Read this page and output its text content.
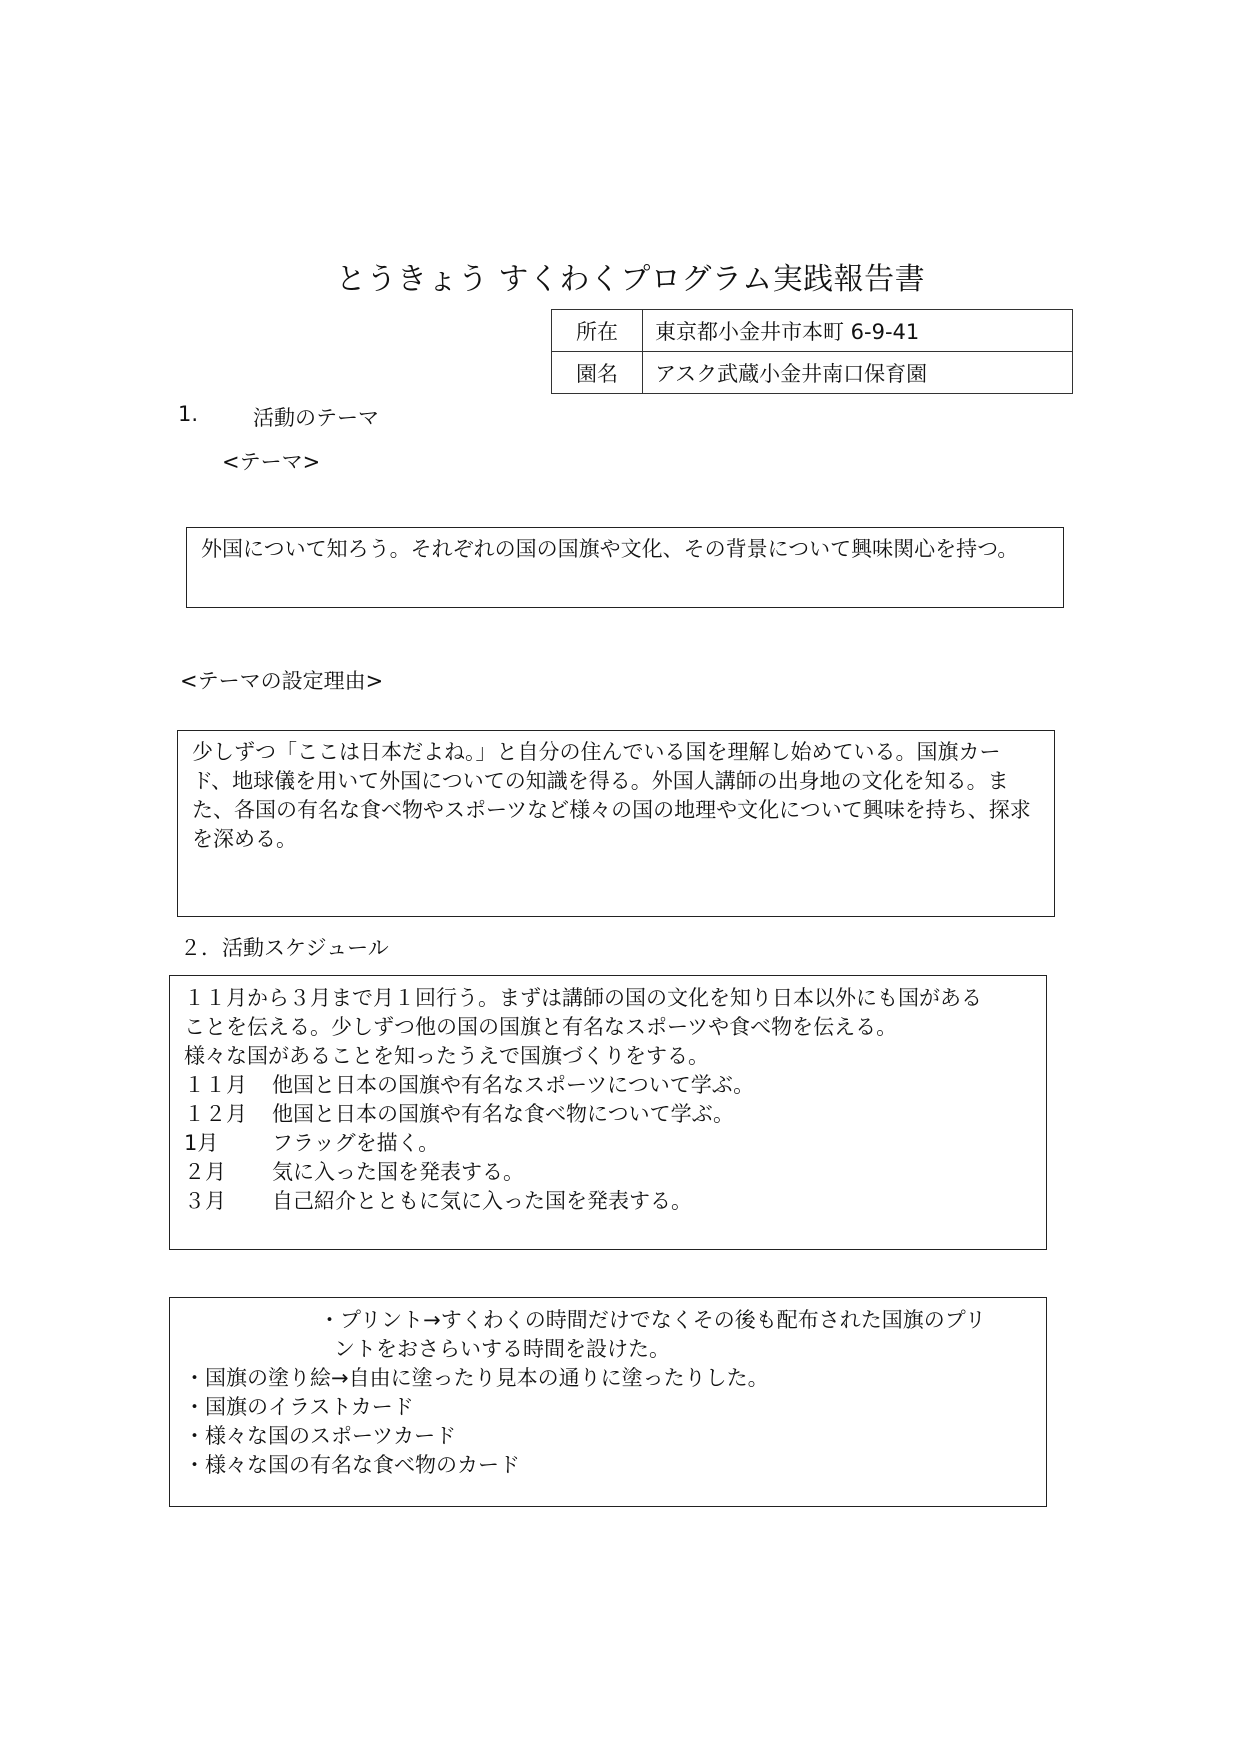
とうきょう すくわくプログラム実践報告書
所在	東京都小金井市本町 6-9-41
園名	アスク武蔵小金井南口保育園
1.	活動のテーマ
<テーマ>
外国について知ろう。それぞれの国の国旗や文化、その背景について興味関心を持つ。
<テーマの設定理由>
少しずつ「ここは日本だよね。」と自分の住んでいる国を理解し始めている。国旗カード、地球儀を用いて外国についての知識を得る。外国人講師の出身地の文化を知る。また、各国の有名な食べ物やスポーツなど様々の国の地理や文化について興味を持ち、探求を深める。
２．活動スケジュール
１１月から３月まで月１回行う。まずは講師の国の文化を知り日本以外にも国がある
ことを伝える。少しずつ他の国の国旗と有名なスポーツや食べ物を伝える。
様々な国があることを知ったうえで国旗づくりをする。
１１月	他国と日本の国旗や有名なスポーツについて学ぶ。
１２月	他国と日本の国旗や有名な食べ物について学ぶ。
1月	フラッグを描く。
２月	気に入った国を発表する。
３月	自己紹介とともに気に入った国を発表する。
・プリント→すくわくの時間だけでなくその後も配布された国旗のプリ
ントをおさらいする時間を設けた。
・国旗の塗り絵→自由に塗ったり見本の通りに塗ったりした。
・国旗のイラストカード
・様々な国のスポーツカード
・様々な国の有名な食べ物のカード
